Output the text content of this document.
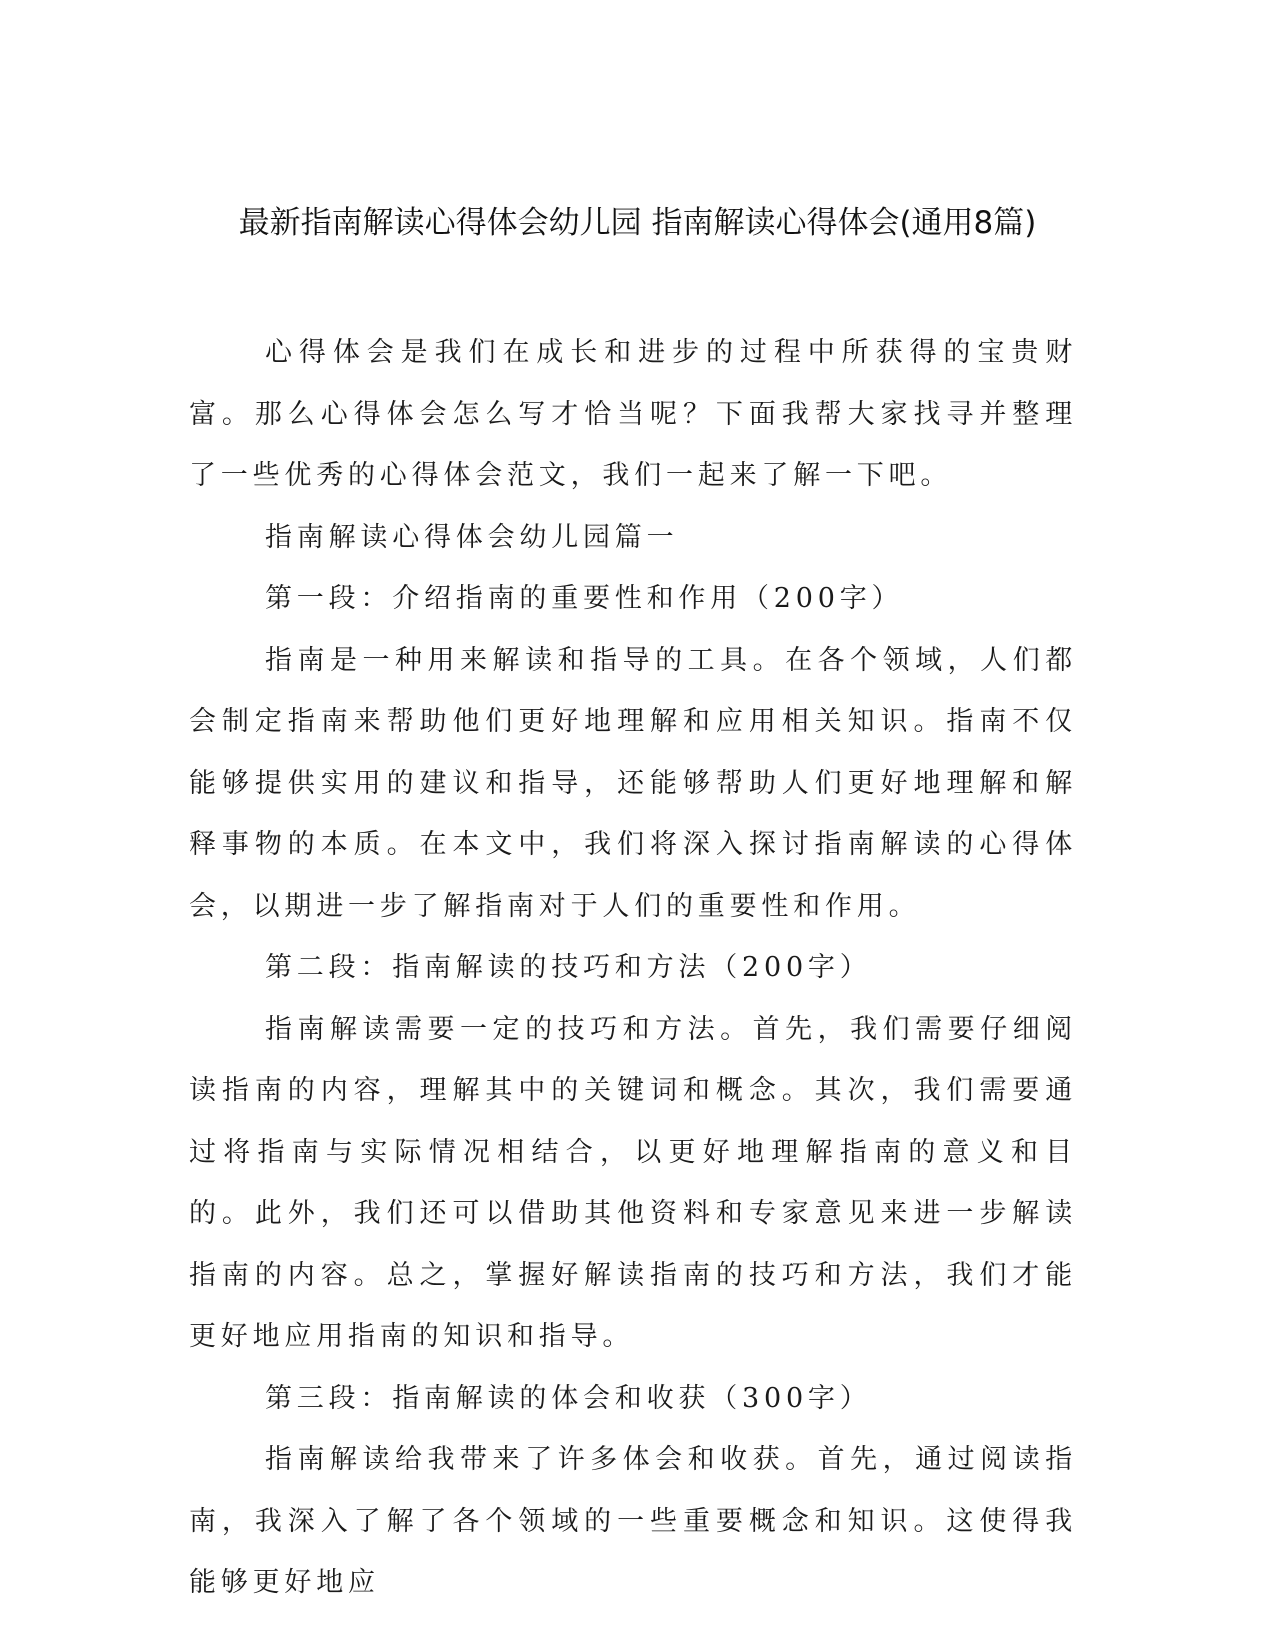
最新指南解读心得体会幼儿园 指南解读心得体会(通用8篇)

心得体会是我们在成长和进步的过程中所获得的宝贵财富。那么心得体会怎么写才恰当呢？下面我帮大家找寻并整理了一些优秀的心得体会范文，我们一起来了解一下吧。

指南解读心得体会幼儿园篇一

第一段：介绍指南的重要性和作用（200字）

指南是一种用来解读和指导的工具。在各个领域，人们都会制定指南来帮助他们更好地理解和应用相关知识。指南不仅能够提供实用的建议和指导，还能够帮助人们更好地理解和解释事物的本质。在本文中，我们将深入探讨指南解读的心得体会，以期进一步了解指南对于人们的重要性和作用。

第二段：指南解读的技巧和方法（200字）

指南解读需要一定的技巧和方法。首先，我们需要仔细阅读指南的内容，理解其中的关键词和概念。其次，我们需要通过将指南与实际情况相结合，以更好地理解指南的意义和目的。此外，我们还可以借助其他资料和专家意见来进一步解读指南的内容。总之，掌握好解读指南的技巧和方法，我们才能更好地应用指南的知识和指导。

第三段：指南解读的体会和收获（300字）

指南解读给我带来了许多体会和收获。首先，通过阅读指南，我深入了解了各个领域的一些重要概念和知识。这使得我能够更好地应
